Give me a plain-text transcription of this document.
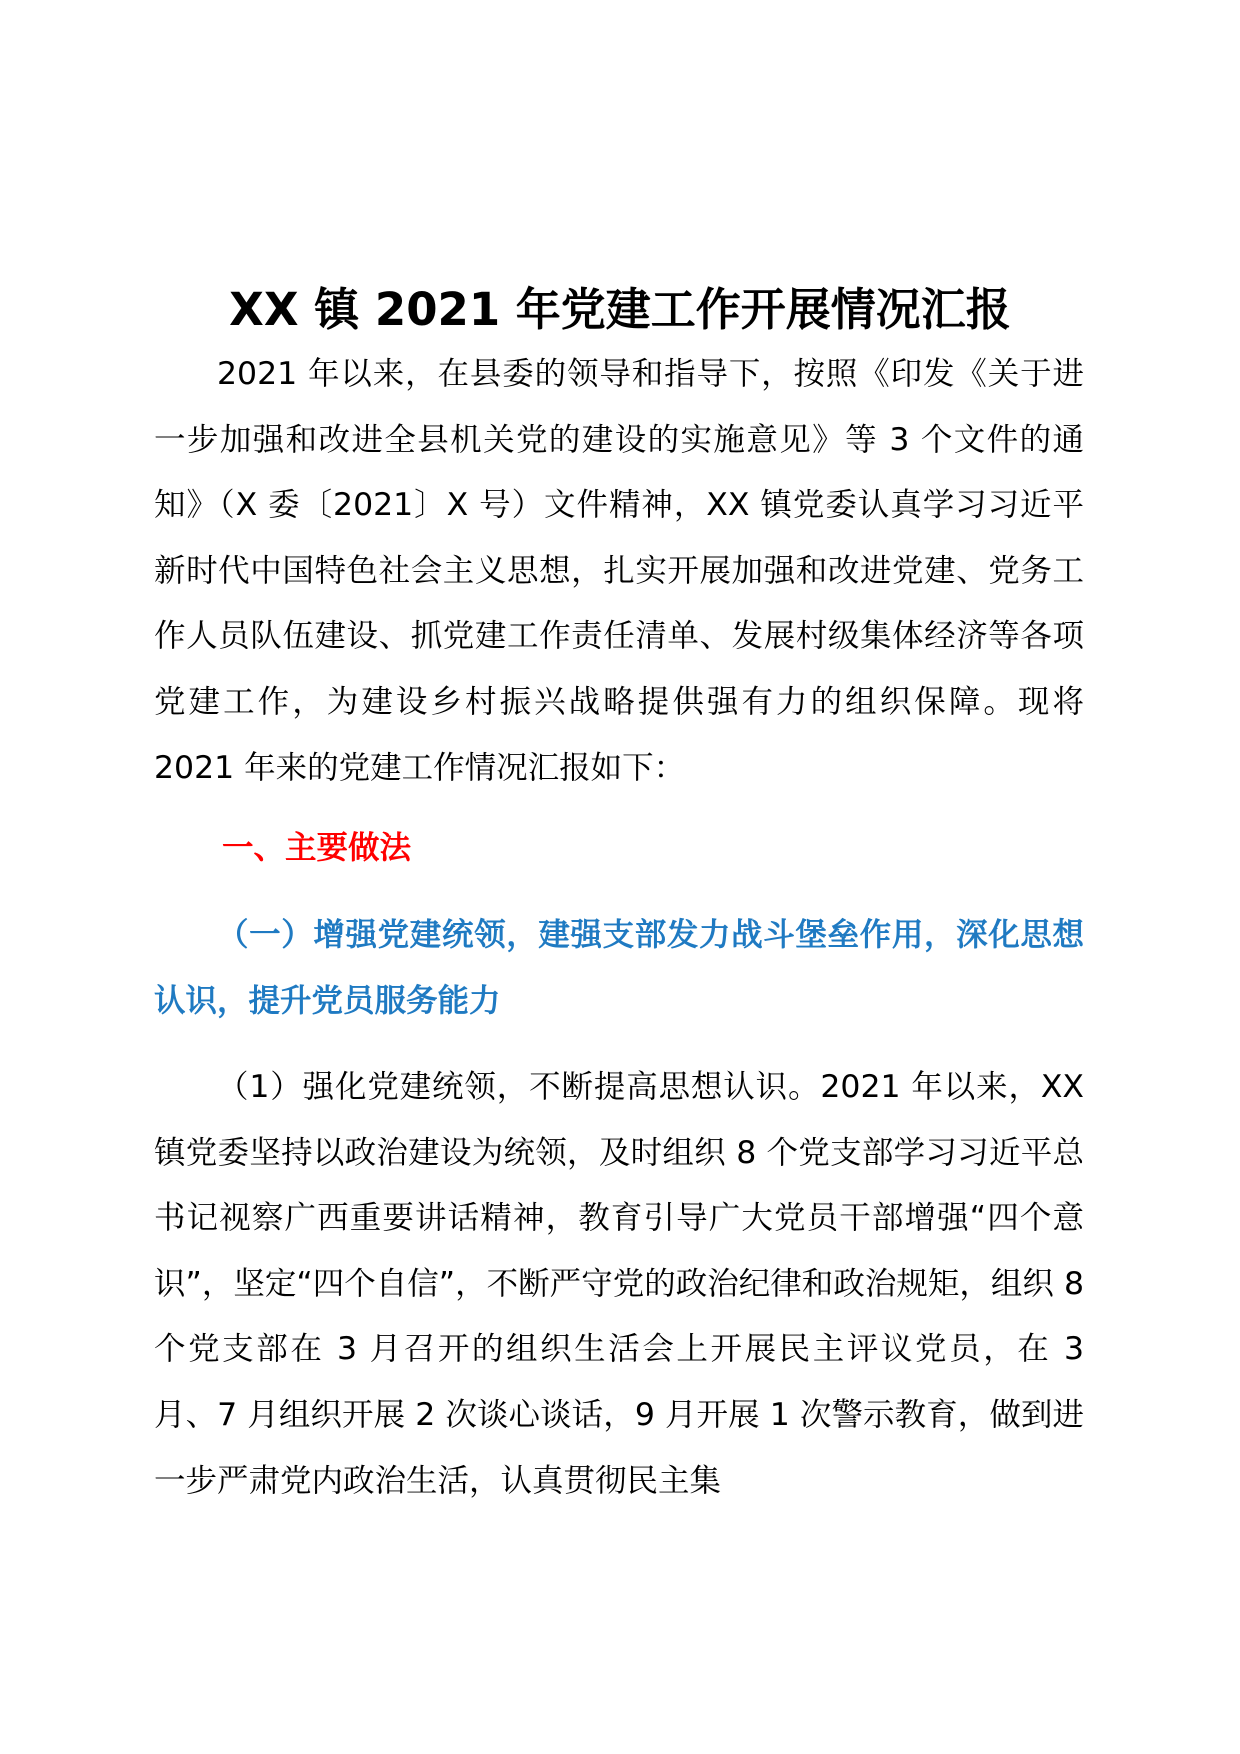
XX 镇 2021 年党建工作开展情况汇报

2021 年以来，在县委的领导和指导下，按照《印发《关于进一步加强和改进全县机关党的建设的实施意见》等 3 个文件的通知》（X 委〔2021〕X 号）文件精神，XX 镇党委认真学习习近平新时代中国特色社会主义思想，扎实开展加强和改进党建、党务工作人员队伍建设、抓党建工作责任清单、发展村级集体经济等各项党建工作，为建设乡村振兴战略提供强有力的组织保障。现将 2021 年来的党建工作情况汇报如下：

一、主要做法
（一）增强党建统领，建强支部发力战斗堡垒作用，深化思想认识，提升党员服务能力

（1）强化党建统领，不断提高思想认识。2021 年以来，XX 镇党委坚持以政治建设为统领，及时组织 8 个党支部学习习近平总书记视察广西重要讲话精神，教育引导广大党员干部增强“四个意识”，坚定“四个自信”，不断严守党的政治纪律和政治规矩，组织 8 个党支部在 3 月召开的组织生活会上开展民主评议党员，在 3 月、7 月组织开展 2 次谈心谈话，9 月开展 1 次警示教育，做到进一步严肃党内政治生活，认真贯彻民主集
